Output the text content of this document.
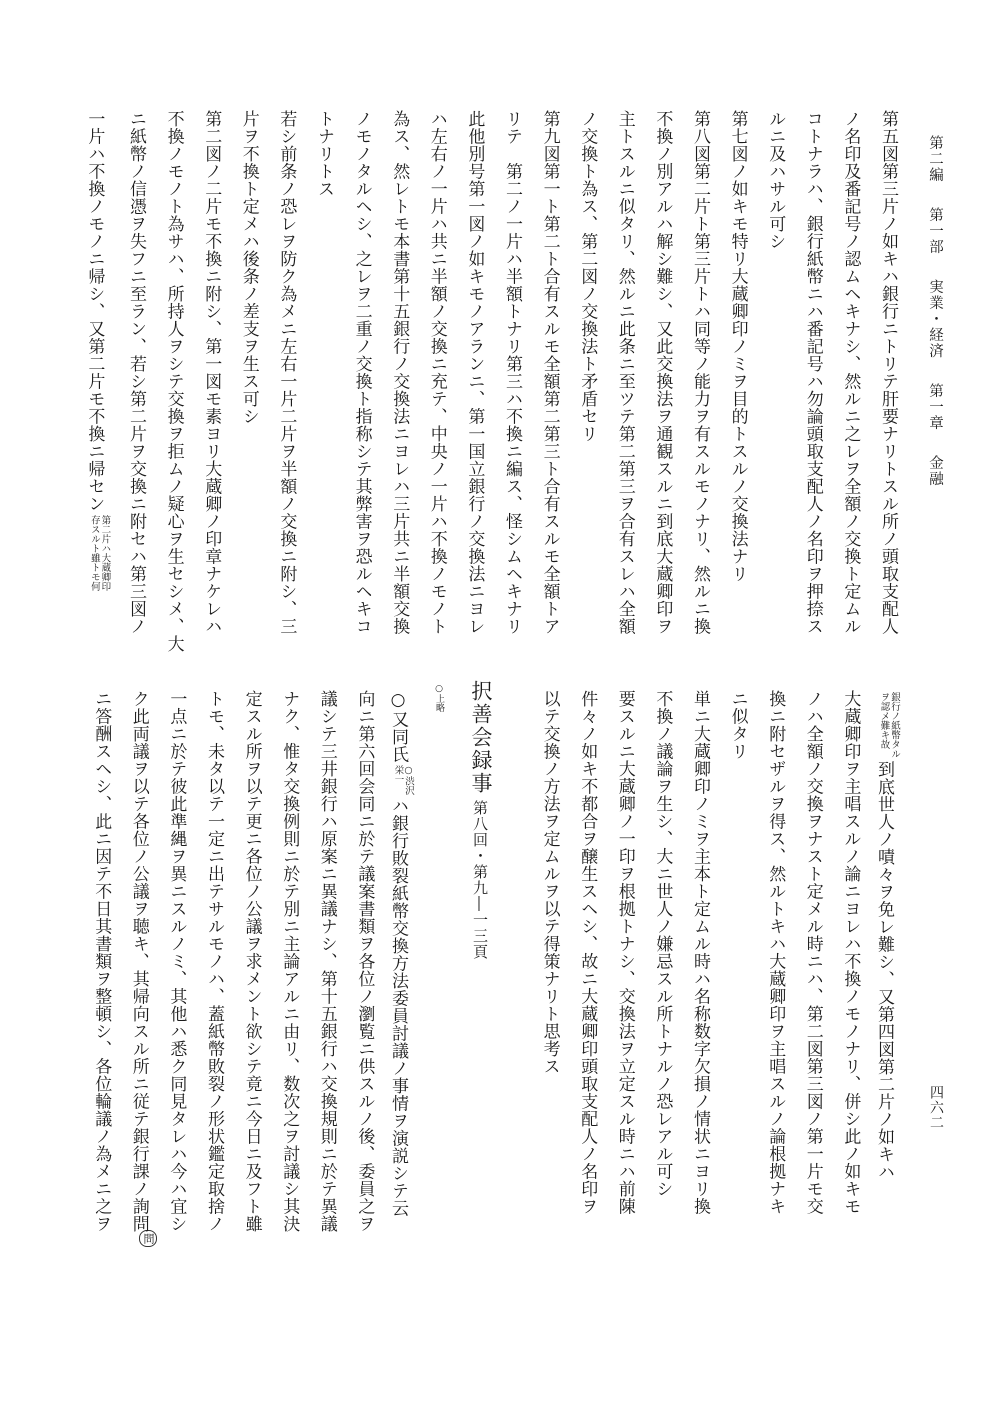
第二編 第一部 実業・経済 第一章 金融
四六二
択善会録事
第八回・第九―一三頁
○上略
問
第五図第三片ノ如キハ銀行ニトリテ肝要ナリトスル所ノ頭取支配人
ノ名印及番記号ノ認ムヘキナシ、然ルニ之レヲ全額ノ交換ト定ムル
コトナラハ、銀行紙幣ニハ番記号ハ勿論頭取支配人ノ名印ヲ押捺ス
ルニ及ハサル可シ
第七図ノ如キモ特リ大蔵卿印ノミヲ目的トスルノ交換法ナリ
第八図第二片ト第三片トハ同等ノ能力ヲ有スルモノナリ、然ルニ換
不換ノ別アルハ解シ難シ、又此交換法ヲ通観スルニ到底大蔵卿印ヲ
主トスルニ似タリ、然ルニ此条ニ至ツテ第二第三ヲ合有スレハ全額
ノ交換ト為ス、第二図ノ交換法ト矛盾セリ
第九図第一ト第二ト合有スルモ全額第二第三ト合有スルモ全額トア
リテ　第二ノ一片ハ半額トナリ第三ハ不換ニ編ス、怪シムヘキナリ
此他別号第一図ノ如キモノアランニ、第一国立銀行ノ交換法ニヨレ
ハ左右ノ一片ハ共ニ半額ノ交換ニ充テ、中央ノ一片ハ不換ノモノト
為ス、然レトモ本書第十五銀行ノ交換法ニヨレハ三片共ニ半額交換
ノモノタルヘシ、之レヲ二重ノ交換ト指称シテ其弊害ヲ恐ルヘキコ
トナリトス
若シ前条ノ恐レヲ防ク為メニ左右一片二片ヲ半額ノ交換ニ附シ、三
片ヲ不換ト定メハ後条ノ差支ヲ生ス可シ
第二図ノ二片モ不換ニ附シ、第一図モ素ヨリ大蔵卿ノ印章ナケレハ
不換ノモノト為サハ、所持人ヲシテ交換ヲ拒ムノ疑心ヲ生セシメ、大
ニ紙幣ノ信憑ヲ失フニ至ラン、若シ第二片ヲ交換ニ附セハ第三図ノ
一片ハ不換ノモノニ帰シ、又第二片モ不換ニ帰セン
第二片ハ大蔵卿印
存スルト雖トモ何
銀行ノ紙幣タル
ヲ認メ難キ故
到底世人ノ嘖々ヲ免レ難シ、又第四図第二片ノ如キハ
大蔵卿印ヲ主唱スルノ論ニヨレハ不換ノモノナリ、併シ此ノ如キモ
ノハ全額ノ交換ヲナスト定メル時ニハ、第二図第三図ノ第一片モ交
換ニ附セザルヲ得ス、然ルトキハ大蔵卿印ヲ主唱スルノ論根拠ナキ
ニ似タリ
単ニ大蔵卿印ノミヲ主本ト定ムル時ハ名称数字欠損ノ情状ニヨリ換
不換ノ議論ヲ生シ、大ニ世人ノ嫌忌スル所トナルノ恐レアル可シ
要スルニ大蔵卿ノ一印ヲ根拠トナシ、交換法ヲ立定スル時ニハ前陳
件々ノ如キ不都合ヲ醸生スヘシ、故ニ大蔵卿印頭取支配人ノ名印ヲ
以テ交換ノ方法ヲ定ムルヲ以テ得策ナリト思考ス
○又同氏
○渋沢
栄一
ハ銀行敗裂紙幣交換方法委員討議ノ事情ヲ演説シテ云
向ニ第六回会同ニ於テ議案書類ヲ各位ノ瀏覧ニ供スルノ後、委員之ヲ
議シテ三井銀行ハ原案ニ異議ナシ、第十五銀行ハ交換規則ニ於テ異議
ナク、惟タ交換例則ニ於テ別ニ主論アルニ由リ、数次之ヲ討議シ其決
定スル所ヲ以テ更ニ各位ノ公議ヲ求メント欲シテ竟ニ今日ニ及フト雖
トモ、未タ以テ一定ニ出テサルモノハ、蓋紙幣敗裂ノ形状鑑定取捨ノ
一点ニ於テ彼此準縄ヲ異ニスルノミ、其他ハ悉ク同見タレハ今ハ宜シ
ク此両議ヲ以テ各位ノ公議ヲ聴キ、其帰向スル所ニ従テ銀行課ノ詢問
ニ答酬スヘシ、此ニ因テ不日其書類ヲ整頓シ、各位輪議ノ為メニ之ヲ
